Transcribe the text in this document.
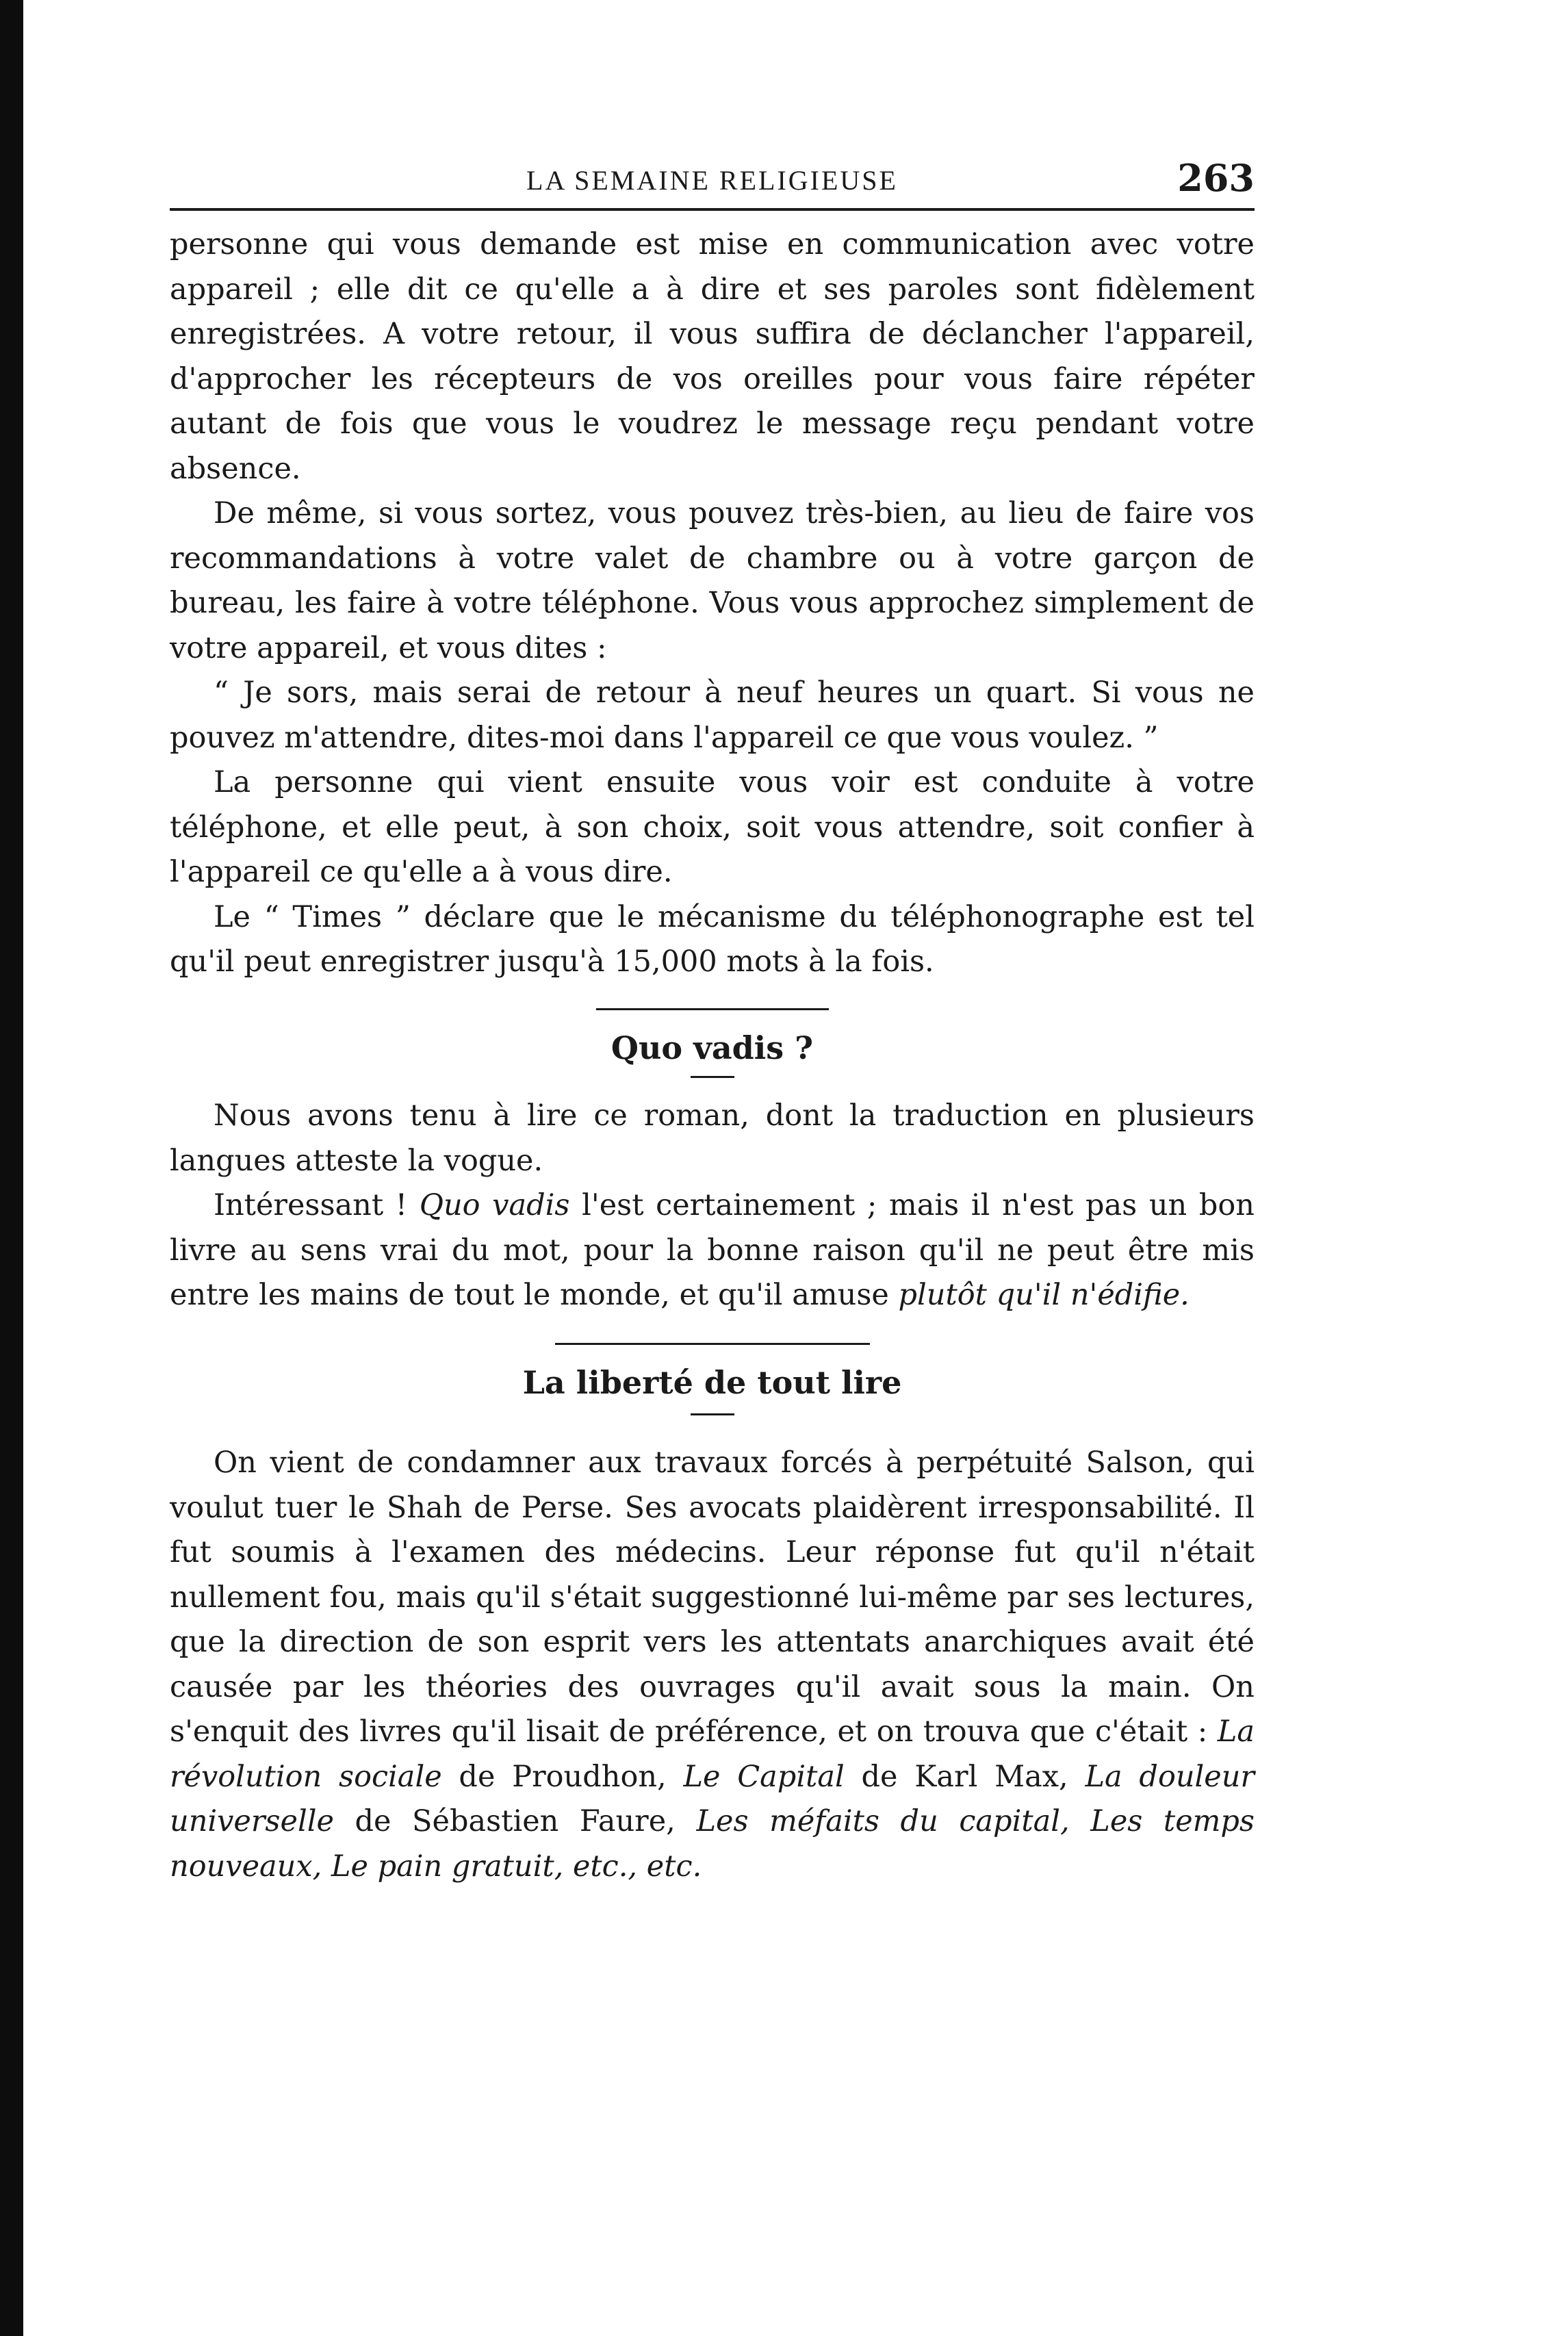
LA SEMAINE RELIGIEUSE	263

personne qui vous demande est mise en communication avec votre appareil ; elle dit ce qu'elle a à dire et ses paroles sont fidèlement enregistrées. A votre retour, il vous suffira de déclancher l'appareil, d'approcher les récepteurs de vos oreilles pour vous faire répéter autant de fois que vous le voudrez le message reçu pendant votre absence.

De même, si vous sortez, vous pouvez très-bien, au lieu de faire vos recommandations à votre valet de chambre ou à votre garçon de bureau, les faire à votre téléphone. Vous vous approchez simplement de votre appareil, et vous dites :

“ Je sors, mais serai de retour à neuf heures un quart. Si vous ne pouvez m'attendre, dites-moi dans l'appareil ce que vous voulez. ”

La personne qui vient ensuite vous voir est conduite à votre téléphone, et elle peut, à son choix, soit vous attendre, soit confier à l'appareil ce qu'elle a à vous dire.

Le “ Times ” déclare que le mécanisme du téléphonographe est tel qu'il peut enregistrer jusqu'à 15,000 mots à la fois.

Quo vadis ?

Nous avons tenu à lire ce roman, dont la traduction en plusieurs langues atteste la vogue.

Intéressant ! Quo vadis l'est certainement ; mais il n'est pas un bon livre au sens vrai du mot, pour la bonne raison qu'il ne peut être mis entre les mains de tout le monde, et qu'il amuse plutôt qu'il n'édifie.

La liberté de tout lire

On vient de condamner aux travaux forcés à perpétuité Salson, qui voulut tuer le Shah de Perse. Ses avocats plaidèrent irresponsabilité. Il fut soumis à l'examen des médecins. Leur réponse fut qu'il n'était nullement fou, mais qu'il s'était suggestionné lui-même par ses lectures, que la direction de son esprit vers les attentats anarchiques avait été causée par les théories des ouvrages qu'il avait sous la main. On s'enquit des livres qu'il lisait de préférence, et on trouva que c'était : La révolution sociale de Proudhon, Le Capital de Karl Max, La douleur universelle de Sébastien Faure, Les méfaits du capital, Les temps nouveaux, Le pain gratuit, etc., etc.
